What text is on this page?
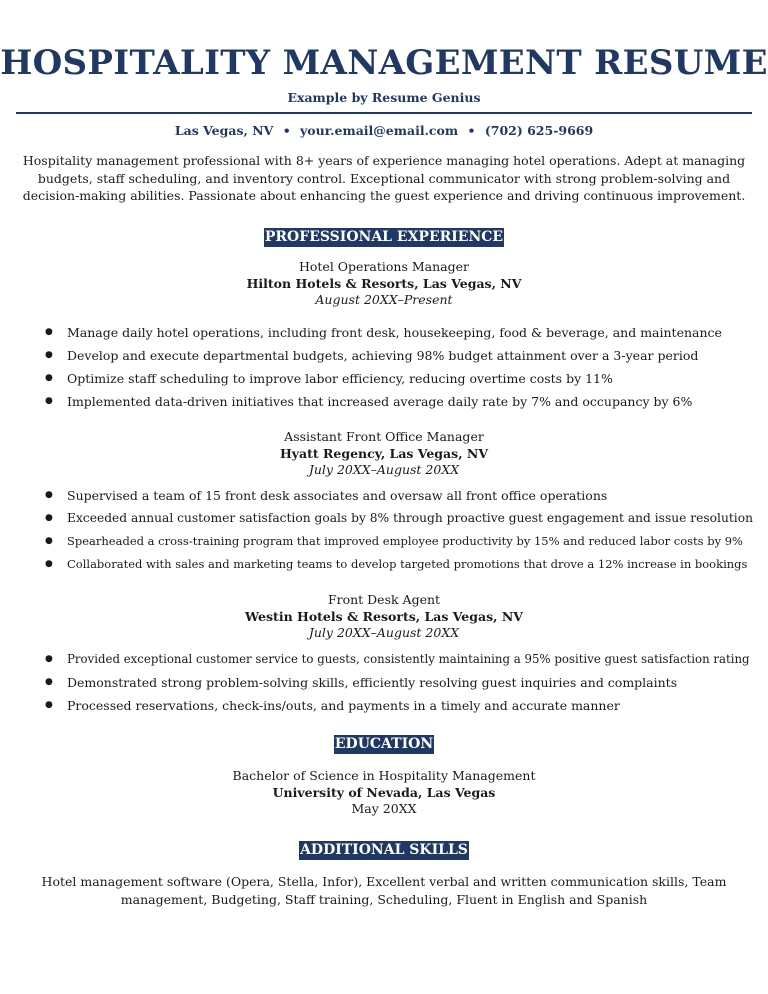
HOSPITALITY MANAGEMENT RESUME
Example by Resume Genius
Las Vegas, NV • your.email@email.com • (702) 625-9669

Hospitality management professional with 8+ years of experience managing hotel operations. Adept at managing budgets, staff scheduling, and inventory control. Exceptional communicator with strong problem-solving and decision-making abilities. Passionate about enhancing the guest experience and driving continuous improvement.

PROFESSIONAL EXPERIENCE
Hotel Operations Manager
Hilton Hotels & Resorts, Las Vegas, NV
August 20XX–Present
● Manage daily hotel operations, including front desk, housekeeping, food & beverage, and maintenance
● Develop and execute departmental budgets, achieving 98% budget attainment over a 3-year period
● Optimize staff scheduling to improve labor efficiency, reducing overtime costs by 11%
● Implemented data-driven initiatives that increased average daily rate by 7% and occupancy by 6%
Assistant Front Office Manager
Hyatt Regency, Las Vegas, NV
July 20XX–August 20XX
● Supervised a team of 15 front desk associates and oversaw all front office operations
● Exceeded annual customer satisfaction goals by 8% through proactive guest engagement and issue resolution
● Spearheaded a cross-training program that improved employee productivity by 15% and reduced labor costs by 9%
● Collaborated with sales and marketing teams to develop targeted promotions that drove a 12% increase in bookings
Front Desk Agent
Westin Hotels & Resorts, Las Vegas, NV
July 20XX–August 20XX
● Provided exceptional customer service to guests, consistently maintaining a 95% positive guest satisfaction rating
● Demonstrated strong problem-solving skills, efficiently resolving guest inquiries and complaints
● Processed reservations, check-ins/outs, and payments in a timely and accurate manner
EDUCATION
Bachelor of Science in Hospitality Management
University of Nevada, Las Vegas
May 20XX
ADDITIONAL SKILLS

Hotel management software (Opera, Stella, Infor), Excellent verbal and written communication skills, Team management, Budgeting, Staff training, Scheduling, Fluent in English and Spanish
